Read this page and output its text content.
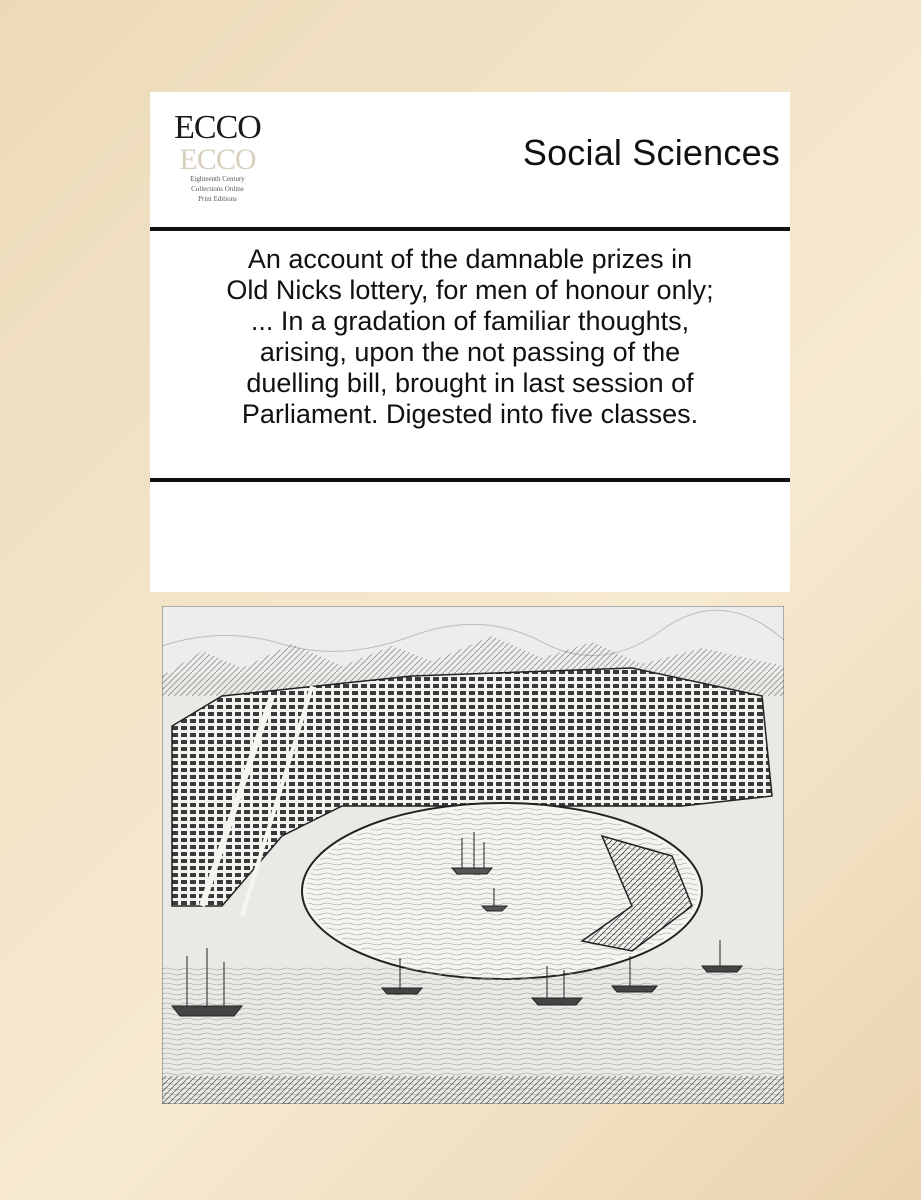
ECCO
ECCO
Eighteenth Century
Collections Online
Print Editions
Social Sciences
An account of the damnable prizes in
Old Nicks lottery, for men of honour only;
... In a gradation of familiar thoughts,
arising, upon the not passing of the
duelling bill, brought in last session of
Parliament. Digested into five classes.
